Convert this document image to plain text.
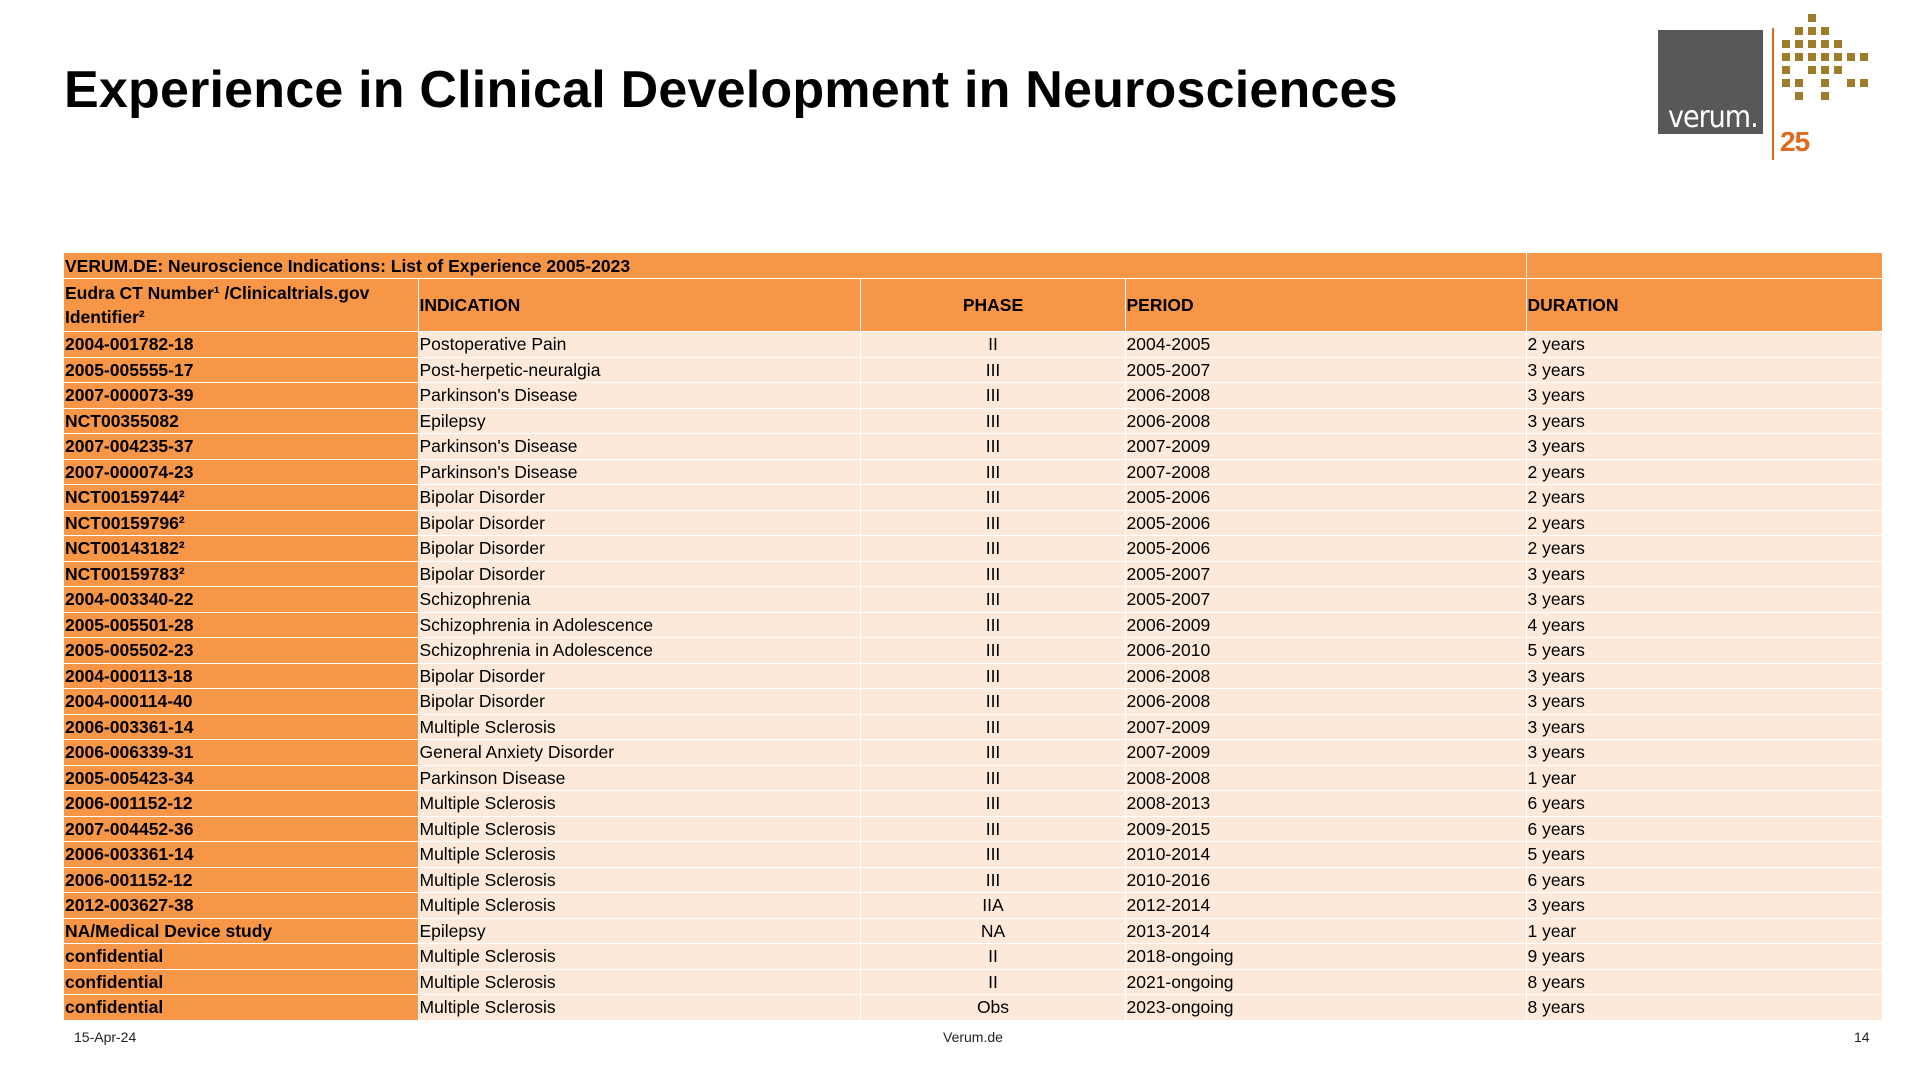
Experience in Clinical Development in Neurosciences	verum.
25
VERUM.DE: Neuroscience Indications: List of Experience 2005-2023				
Eudra CT Number¹ /Clinicaltrials.gov Identifier²	INDICATION	PHASE	PERIOD	DURATION
2004-001782-18	Postoperative Pain	II	2004-2005	2 years
2005-005555-17	Post-herpetic-neuralgia	III	2005-2007	3 years
2007-000073-39	Parkinson's Disease	III	2006-2008	3 years
NCT00355082	Epilepsy	III	2006-2008	3 years
2007-004235-37	Parkinson's Disease	III	2007-2009	3 years
2007-000074-23	Parkinson's Disease	III	2007-2008	2 years
NCT00159744²	Bipolar Disorder	III	2005-2006	2 years
NCT00159796²	Bipolar Disorder	III	2005-2006	2 years
NCT00143182²	Bipolar Disorder	III	2005-2006	2 years
NCT00159783²	Bipolar Disorder	III	2005-2007	3 years
2004-003340-22	Schizophrenia	III	2005-2007	3 years
2005-005501-28	Schizophrenia in Adolescence	III	2006-2009	4 years
2005-005502-23	Schizophrenia in Adolescence	III	2006-2010	5 years
2004-000113-18	Bipolar Disorder	III	2006-2008	3 years
2004-000114-40	Bipolar Disorder	III	2006-2008	3 years
2006-003361-14	Multiple Sclerosis	III	2007-2009	3 years
2006-006339-31	General Anxiety Disorder	III	2007-2009	3 years
2005-005423-34	Parkinson Disease	III	2008-2008	1 year
2006-001152-12	Multiple Sclerosis	III	2008-2013	6 years
2007-004452-36	Multiple Sclerosis	III	2009-2015	6 years
2006-003361-14	Multiple Sclerosis	III	2010-2014	5 years
2006-001152-12	Multiple Sclerosis	III	2010-2016	6 years
2012-003627-38	Multiple Sclerosis	IIA	2012-2014	3 years
NA/Medical Device study	Epilepsy	NA	2013-2014	1 year
confidential	Multiple Sclerosis	II	2018-ongoing	9 years
confidential	Multiple Sclerosis	II	2021-ongoing	8 years
confidential	Multiple Sclerosis	Obs	2023-ongoing	8 years
15-Apr-24	Verum.de	14
